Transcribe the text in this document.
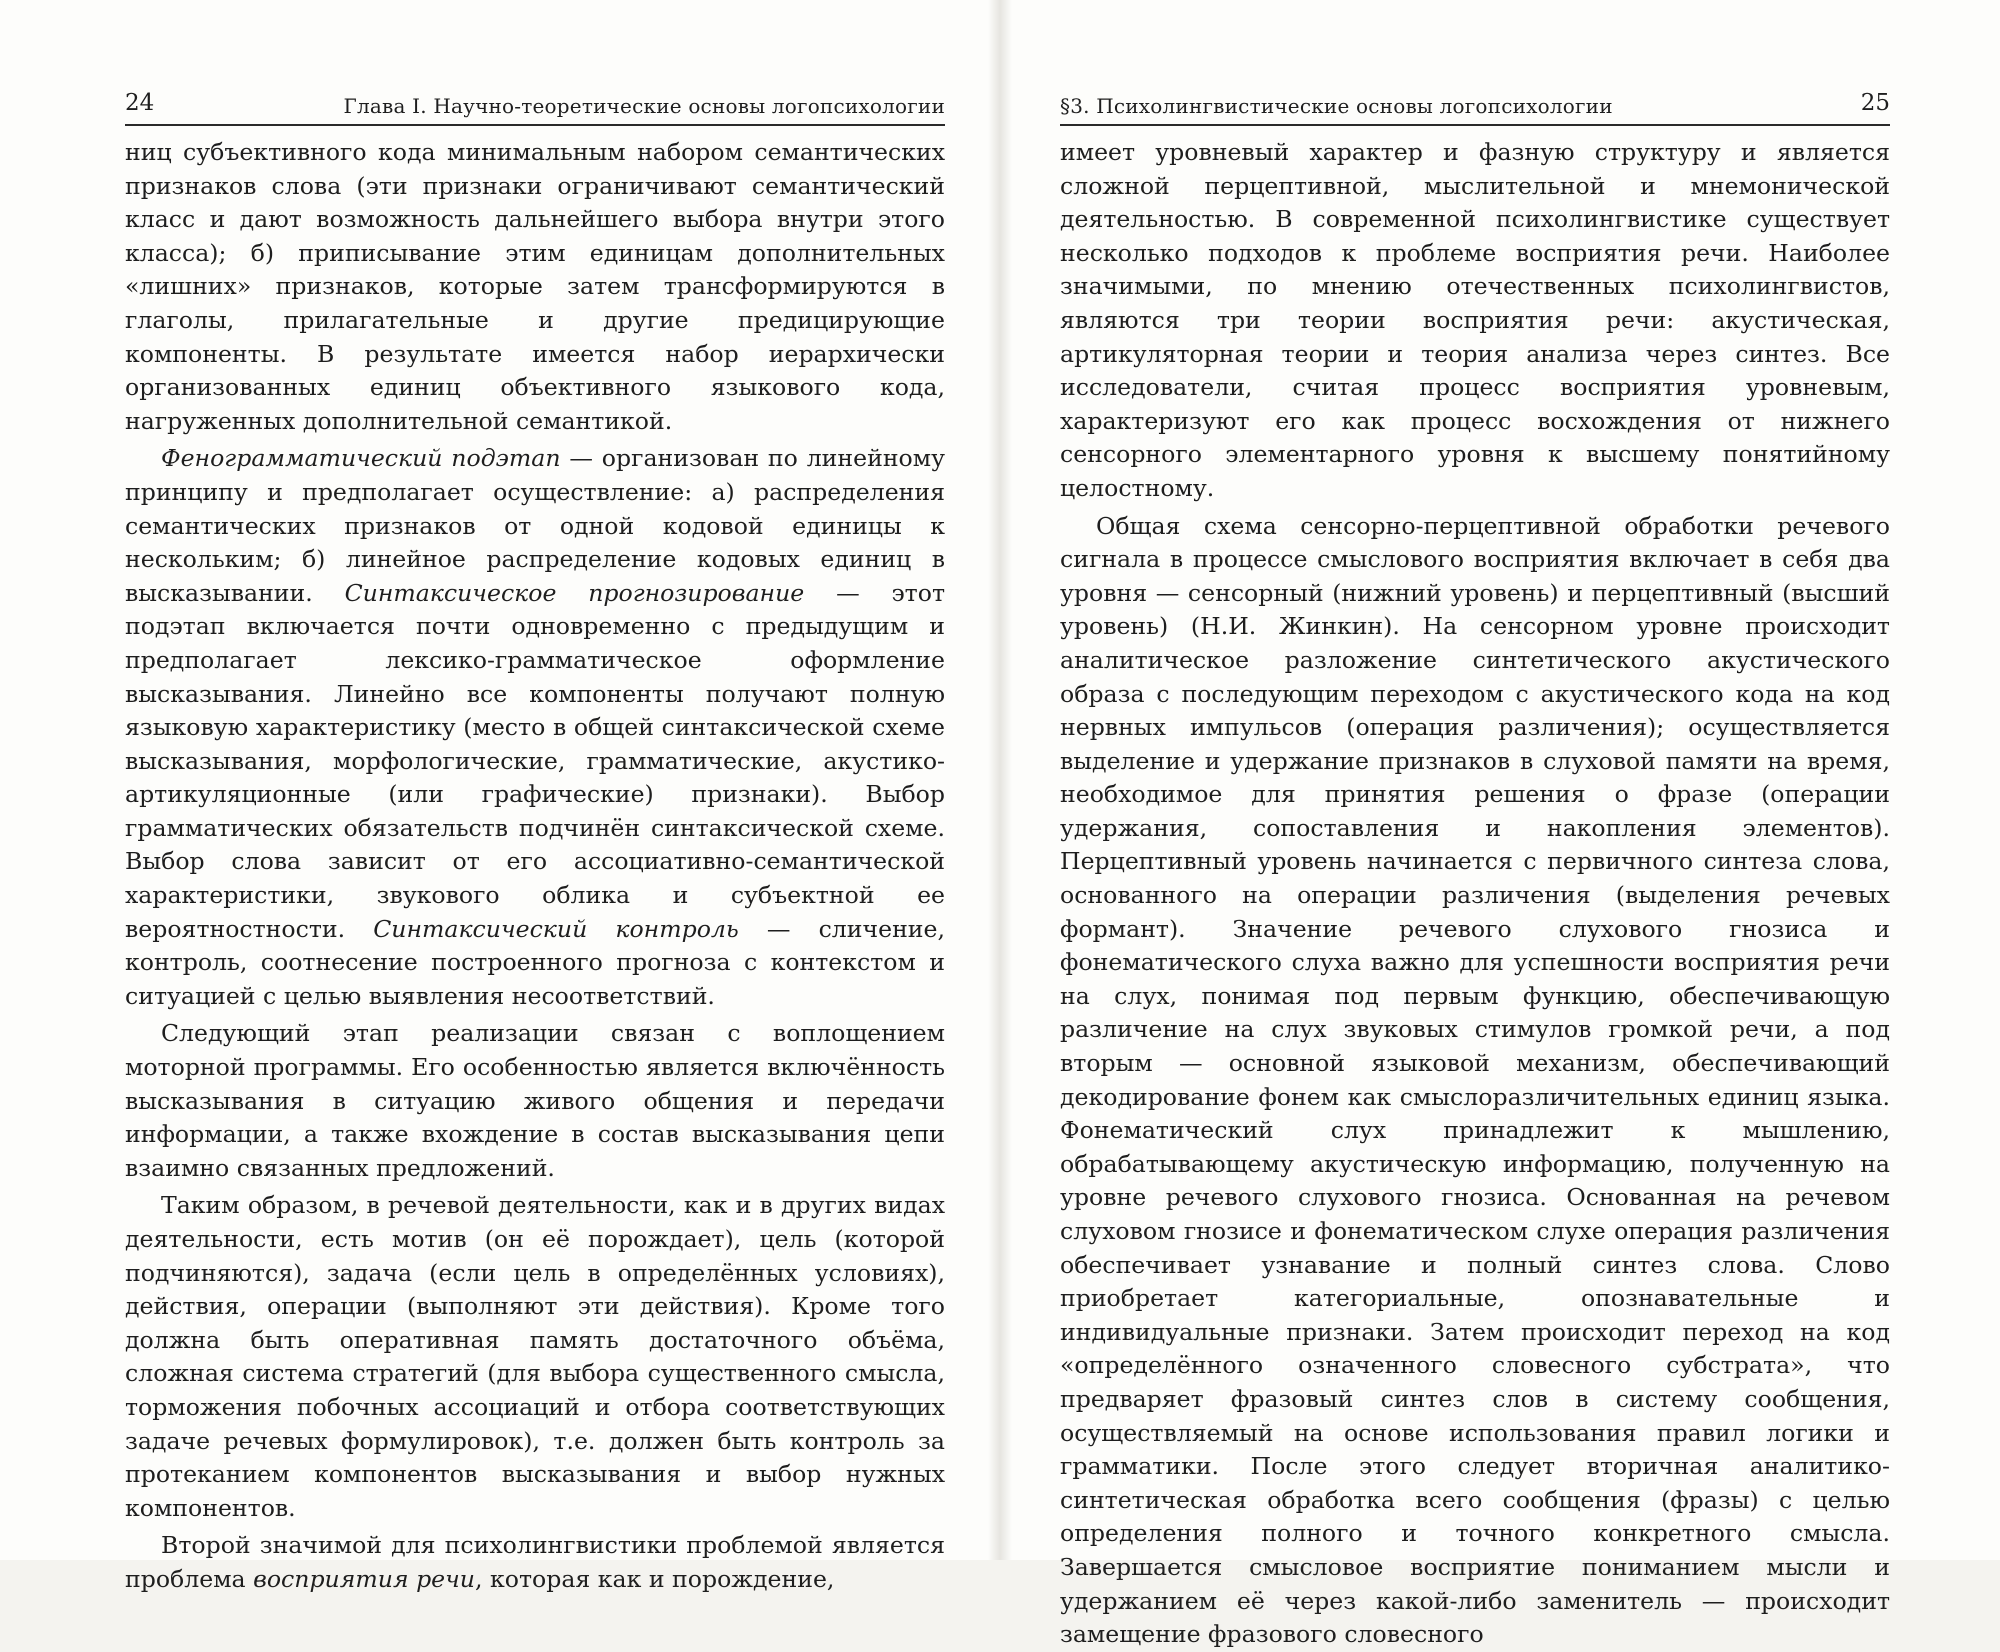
24	Глава I. Научно-теоретические основы логопсихологии

ниц субъективного кода минимальным набором семантических признаков слова (эти признаки ограничивают семантический класс и дают возможность дальнейшего выбора внутри этого класса); б) приписывание этим единицам дополнительных «лишних» признаков, которые затем трансформируются в глаголы, прилагательные и другие предицирующие компоненты. В результате имеется набор иерархически организованных единиц объективного языкового кода, нагруженных дополнительной семантикой.

Фенограмматический подэтап — организован по линейному принципу и предполагает осуществление: а) распределения семантических признаков от одной кодовой единицы к нескольким; б) линейное распределение кодовых единиц в высказывании. Синтаксическое прогнозирование — этот подэтап включается почти одновременно с предыдущим и предполагает лексико-грамматическое оформление высказывания. Линейно все компоненты получают полную языковую характеристику (место в общей синтаксической схеме высказывания, морфологические, грамматические, акустико-артикуляционные (или графические) признаки). Выбор грамматических обязательств подчинён синтаксической схеме. Выбор слова зависит от его ассоциативно-семантической характеристики, звукового облика и субъектной ее вероятностности. Синтаксический контроль — сличение, контроль, соотнесение построенного прогноза с контекстом и ситуацией с целью выявления несоответствий.

Следующий этап реализации связан с воплощением моторной программы. Его особенностью является включённость высказывания в ситуацию живого общения и передачи информации, а также вхождение в состав высказывания цепи взаимно связанных предложений.

Таким образом, в речевой деятельности, как и в других видах деятельности, есть мотив (он её порождает), цель (которой подчиняются), задача (если цель в определённых условиях), действия, операции (выполняют эти действия). Кроме того должна быть оперативная память достаточного объёма, сложная система стратегий (для выбора существенного смысла, торможения побочных ассоциаций и отбора соответствующих задаче речевых формулировок), т.е. должен быть контроль за протеканием компонентов высказывания и выбор нужных компонентов.

Второй значимой для психолингвистики проблемой является проблема восприятия речи, которая как и порождение,

§3. Психолингвистические основы логопсихологии	25

имеет уровневый характер и фазную структуру и является сложной перцептивной, мыслительной и мнемонической деятельностью. В современной психолингвистике существует несколько подходов к проблеме восприятия речи. Наиболее значимыми, по мнению отечественных психолингвистов, являются три теории восприятия речи: акустическая, артикуляторная теории и теория анализа через синтез. Все исследователи, считая процесс восприятия уровневым, характеризуют его как процесс восхождения от нижнего сенсорного элементарного уровня к высшему понятийному целостному.

Общая схема сенсорно-перцептивной обработки речевого сигнала в процессе смыслового восприятия включает в себя два уровня — сенсорный (нижний уровень) и перцептивный (высший уровень) (Н.И. Жинкин). На сенсорном уровне происходит аналитическое разложение синтетического акустического образа с последующим переходом с акустического кода на код нервных импульсов (операция различения); осуществляется выделение и удержание признаков в слуховой памяти на время, необходимое для принятия решения о фразе (операции удержания, сопоставления и накопления элементов). Перцептивный уровень начинается с первичного синтеза слова, основанного на операции различения (выделения речевых формант). Значение речевого слухового гнозиса и фонематического слуха важно для успешности восприятия речи на слух, понимая под первым функцию, обеспечивающую различение на слух звуковых стимулов громкой речи, а под вторым — основной языковой механизм, обеспечивающий декодирование фонем как смыслоразличительных единиц языка. Фонематический слух принадлежит к мышлению, обрабатывающему акустическую информацию, полученную на уровне речевого слухового гнозиса. Основанная на речевом слуховом гнозисе и фонематическом слухе операция различения обеспечивает узнавание и полный синтез слова. Слово приобретает категориальные, опознавательные и индивидуальные признаки. Затем происходит переход на код «определённого означенного словесного субстрата», что предваряет фразовый синтез слов в систему сообщения, осуществляемый на основе использования правил логики и грамматики. После этого следует вторичная аналитико-синтетическая обработка всего сообщения (фразы) с целью определения полного и точного конкретного смысла. Завершается смысловое восприятие пониманием мысли и удержанием её через какой-либо заменитель — происходит замещение фразового словесного
